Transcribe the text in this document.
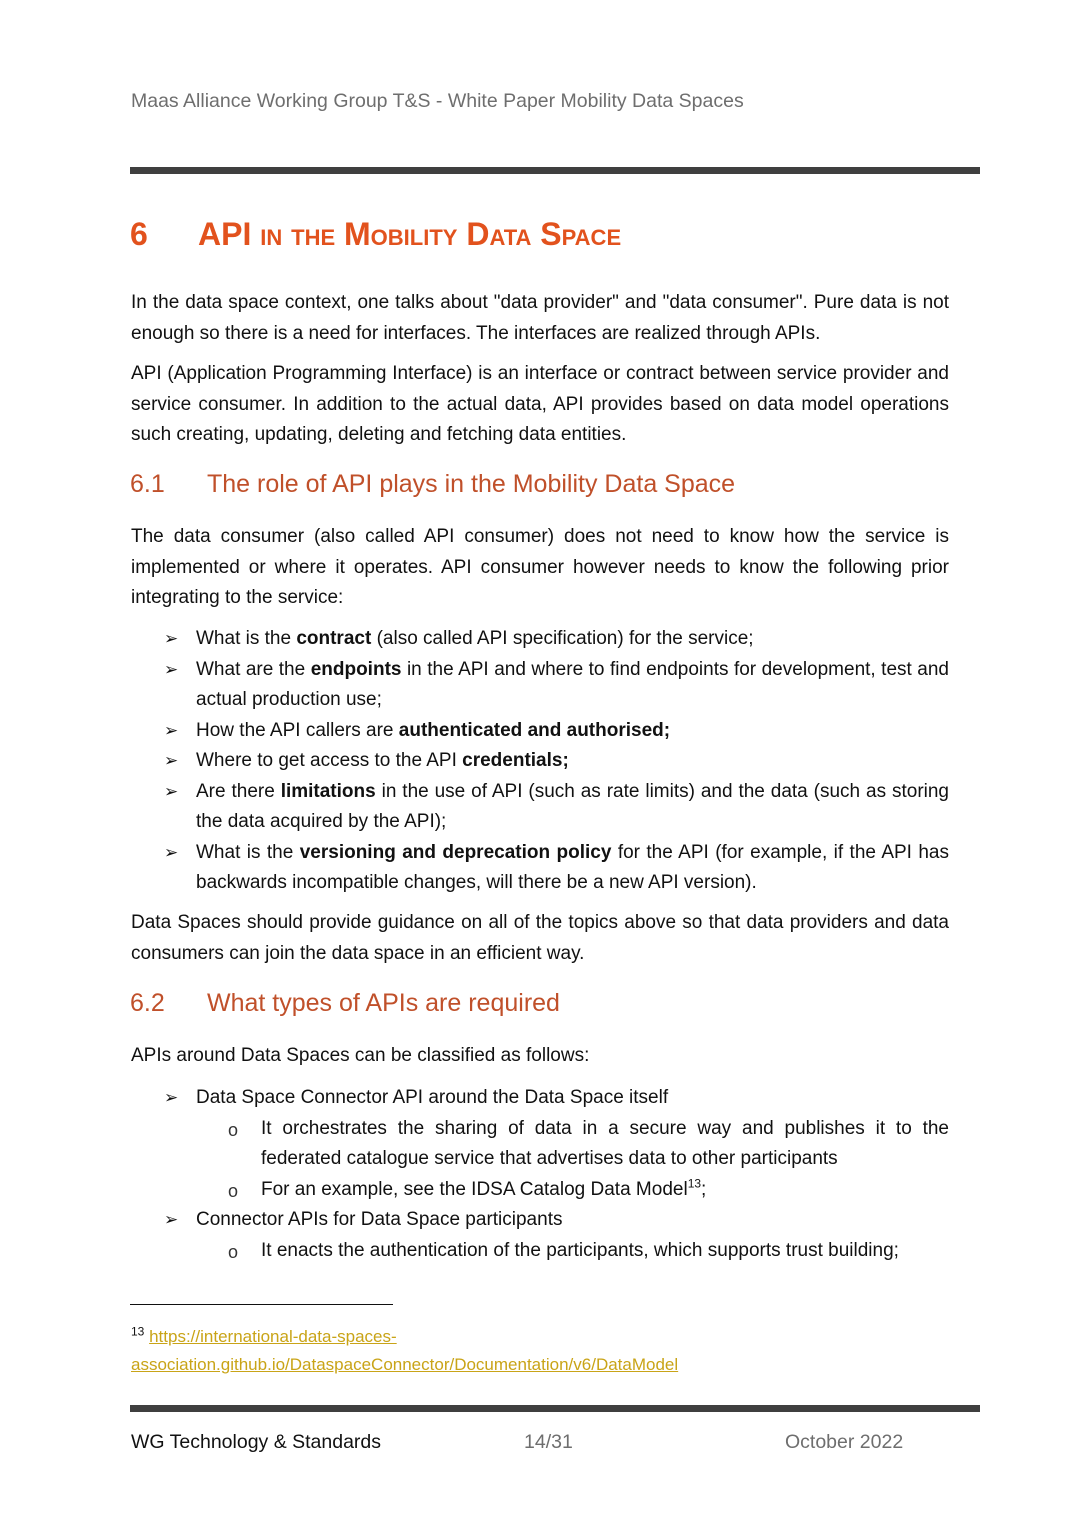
Maas Alliance Working Group T&S - White Paper Mobility Data Spaces
6 API in the Mobility Data Space
In the data space context, one talks about "data provider" and "data consumer". Pure data is not enough so there is a need for interfaces. The interfaces are realized through APIs.
API (Application Programming Interface) is an interface or contract between service provider and service consumer. In addition to the actual data, API provides based on data model operations such creating, updating, deleting and fetching data entities.
6.1 The role of API plays in the Mobility Data Space
The data consumer (also called API consumer) does not need to know how the service is implemented or where it operates. API consumer however needs to know the following prior integrating to the service:
➢ What is the contract (also called API specification) for the service;
➢ What are the endpoints in the API and where to find endpoints for development, test and actual production use;
➢ How the API callers are authenticated and authorised;
➢ Where to get access to the API credentials;
➢ Are there limitations in the use of API (such as rate limits) and the data (such as storing the data acquired by the API);
➢ What is the versioning and deprecation policy for the API (for example, if the API has backwards incompatible changes, will there be a new API version).
Data Spaces should provide guidance on all of the topics above so that data providers and data consumers can join the data space in an efficient way.
6.2 What types of APIs are required
APIs around Data Spaces can be classified as follows:
➢ Data Space Connector API around the Data Space itself
o It orchestrates the sharing of data in a secure way and publishes it to the federated catalogue service that advertises data to other participants
o For an example, see the IDSA Catalog Data Model$^{13}$;
➢ Connector APIs for Data Space participants
o It enacts the authentication of the participants, which supports trust building;
$^{13}$ https://international-data-spaces-
association.github.io/DataspaceConnector/Documentation/v6/DataModel
WG Technology & Standards	14/31	October 2022
